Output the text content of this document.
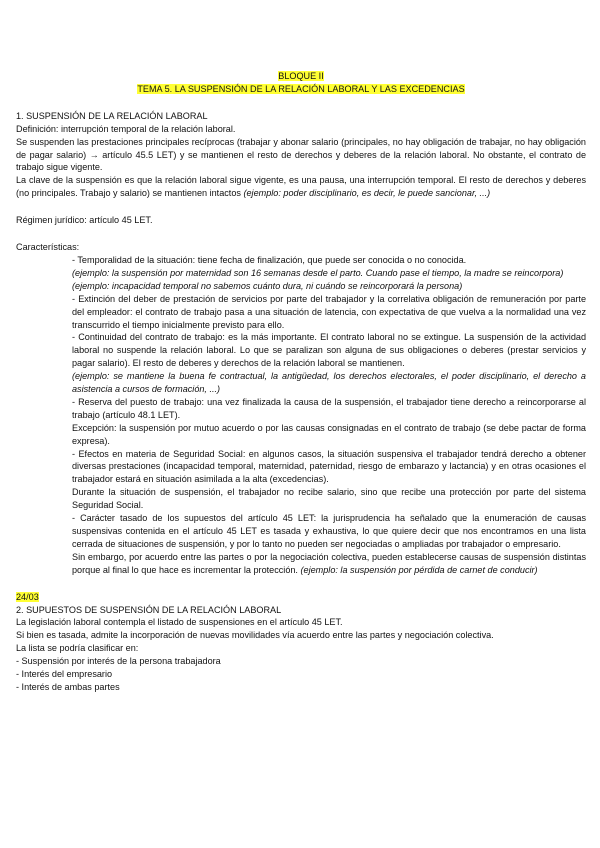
BLOQUE II

TEMA 5. LA SUSPENSIÓN DE LA RELACIÓN LABORAL Y LAS EXCEDENCIAS

1. SUSPENSIÓN DE LA RELACIÓN LABORAL

Definición: interrupción temporal de la relación laboral.

Se suspenden las prestaciones principales recíprocas (trabajar y abonar salario (principales, no hay obligación de trabajar, no hay obligación de pagar salario) → artículo 45.5 LET) y se mantienen el resto de derechos y deberes de la relación laboral. No obstante, el contrato de trabajo sigue vigente.

La clave de la suspensión es que la relación laboral sigue vigente, es una pausa, una interrupción temporal. El resto de derechos y deberes (no principales. Trabajo y salario) se mantienen intactos (ejemplo: poder disciplinario, es decir, le puede sancionar, ...)

Régimen jurídico: artículo 45 LET.

Características:

- Temporalidad de la situación: tiene fecha de finalización, que puede ser conocida o no conocida.

(ejemplo: la suspensión por maternidad son 16 semanas desde el parto. Cuando pase el tiempo, la madre se reincorpora)

(ejemplo: incapacidad temporal no sabemos cuánto dura, ni cuándo se reincorporará la persona)

- Extinción del deber de prestación de servicios por parte del trabajador y la correlativa obligación de remuneración por parte del empleador: el contrato de trabajo pasa a una situación de latencia, con expectativa de que vuelva a la normalidad una vez transcurrido el tiempo inicialmente previsto para ello.

- Continuidad del contrato de trabajo: es la más importante. El contrato laboral no se extingue. La suspensión de la actividad laboral no suspende la relación laboral. Lo que se paralizan son alguna de sus obligaciones o deberes (prestar servicios y pagar salario). El resto de deberes y derechos de la relación laboral se mantienen.

(ejemplo: se mantiene la buena fe contractual, la antigüedad, los derechos electorales, el poder disciplinario, el derecho a asistencia a cursos de formación, ...)

- Reserva del puesto de trabajo: una vez finalizada la causa de la suspensión, el trabajador tiene derecho a reincorporarse al trabajo (artículo 48.1 LET).

Excepción: la suspensión por mutuo acuerdo o por las causas consignadas en el contrato de trabajo (se debe pactar de forma expresa).

- Efectos en materia de Seguridad Social: en algunos casos, la situación suspensiva el trabajador tendrá derecho a obtener diversas prestaciones (incapacidad temporal, maternidad, paternidad, riesgo de embarazo y lactancia) y en otras ocasiones el trabajador estará en situación asimilada a la alta (excedencias).

Durante la situación de suspensión, el trabajador no recibe salario, sino que recibe una protección por parte del sistema Seguridad Social.

- Carácter tasado de los supuestos del artículo 45 LET: la jurisprudencia ha señalado que la enumeración de causas suspensivas contenida en el artículo 45 LET es tasada y exhaustiva, lo que quiere decir que nos encontramos en una lista cerrada de situaciones de suspensión, y por lo tanto no pueden ser negociadas o ampliadas por trabajador o empresario.

Sin embargo, por acuerdo entre las partes o por la negociación colectiva, pueden establecerse causas de suspensión distintas porque al final lo que hace es incrementar la protección. (ejemplo: la suspensión por pérdida de carnet de conducir)

24/03

2. SUPUESTOS DE SUSPENSIÓN DE LA RELACIÓN LABORAL

La legislación laboral contempla el listado de suspensiones en el artículo 45 LET.

Si bien es tasada, admite la incorporación de nuevas movilidades vía acuerdo entre las partes y negociación colectiva.

La lista se podría clasificar en:

- Suspensión por interés de la persona trabajadora
- Interés del empresario
- Interés de ambas partes
